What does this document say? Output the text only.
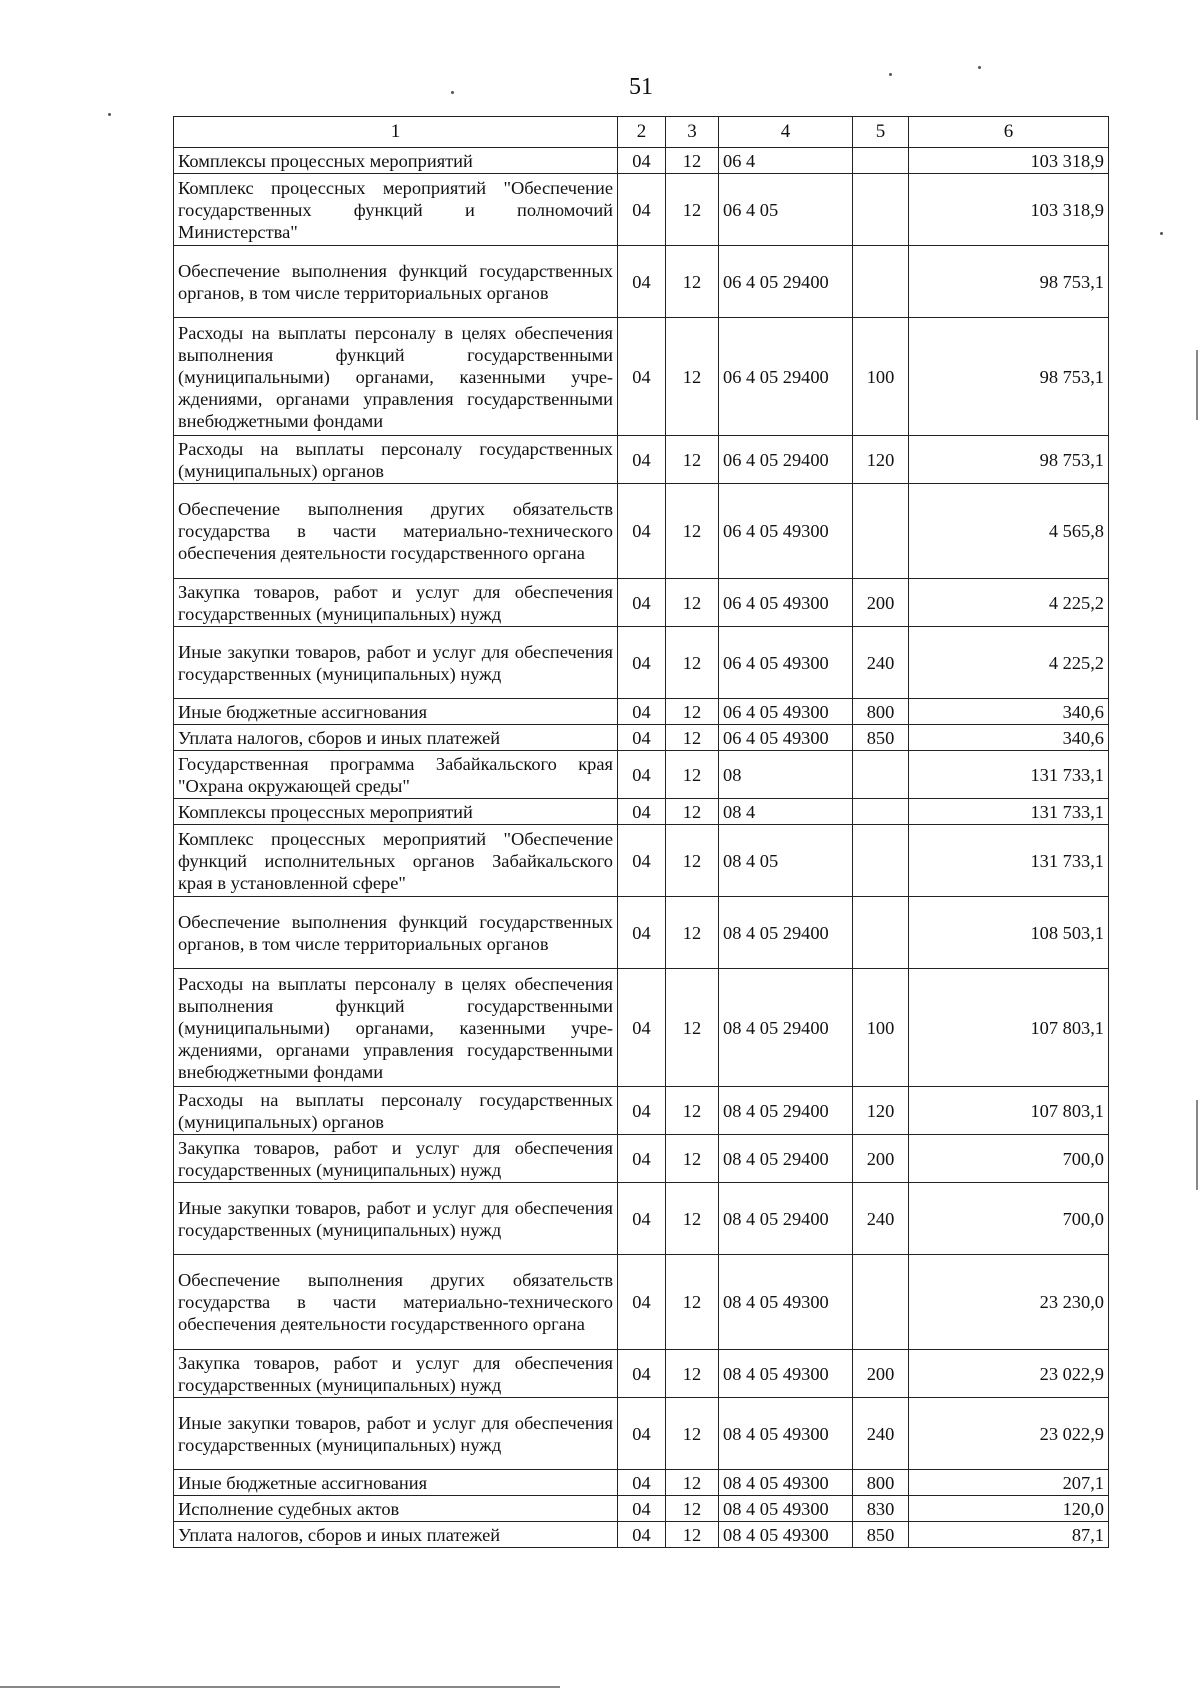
51
1	2	3	4	5	6
Комплексы процессных мероприятий	04	12	06 4		103 318,9
Комплекс процессных мероприятий "Обеспечение государственных функций и полномочий Министерства"	04	12	06 4 05		103 318,9
Обеспечение выполнения функций государственных органов, в том числе территориальных органов	04	12	06 4 05 29400		98 753,1
Расходы на выплаты персоналу в целях обеспечения выполнения функций государственными (муниципальными) органами, казенными учреждениями, органами управления государственными внебюджетными фондами	04	12	06 4 05 29400	100	98 753,1
Расходы на выплаты персоналу государственных (муниципальных) органов	04	12	06 4 05 29400	120	98 753,1
Обеспечение выполнения других обязательств государства в части материально-технического обеспечения деятельности государственного органа	04	12	06 4 05 49300		4 565,8
Закупка товаров, работ и услуг для обеспечения государственных (муниципальных) нужд	04	12	06 4 05 49300	200	4 225,2
Иные закупки товаров, работ и услуг для обеспечения государственных (муниципальных) нужд	04	12	06 4 05 49300	240	4 225,2
Иные бюджетные ассигнования	04	12	06 4 05 49300	800	340,6
Уплата налогов, сборов и иных платежей	04	12	06 4 05 49300	850	340,6
Государственная программа Забайкальского края "Охрана окружающей среды"	04	12	08		131 733,1
Комплексы процессных мероприятий	04	12	08 4		131 733,1
Комплекс процессных мероприятий "Обеспечение функций исполнительных органов Забайкальского края в установленной сфере"	04	12	08 4 05		131 733,1
Обеспечение выполнения функций государственных органов, в том числе территориальных органов	04	12	08 4 05 29400		108 503,1
Расходы на выплаты персоналу в целях обеспечения выполнения функций государственными (муниципальными) органами, казенными учреждениями, органами управления государственными внебюджетными фондами	04	12	08 4 05 29400	100	107 803,1
Расходы на выплаты персоналу государственных (муниципальных) органов	04	12	08 4 05 29400	120	107 803,1
Закупка товаров, работ и услуг для обеспечения государственных (муниципальных) нужд	04	12	08 4 05 29400	200	700,0
Иные закупки товаров, работ и услуг для обеспечения государственных (муниципальных) нужд	04	12	08 4 05 29400	240	700,0
Обеспечение выполнения других обязательств государства в части материально-технического обеспечения деятельности государственного органа	04	12	08 4 05 49300		23 230,0
Закупка товаров, работ и услуг для обеспечения государственных (муниципальных) нужд	04	12	08 4 05 49300	200	23 022,9
Иные закупки товаров, работ и услуг для обеспечения государственных (муниципальных) нужд	04	12	08 4 05 49300	240	23 022,9
Иные бюджетные ассигнования	04	12	08 4 05 49300	800	207,1
Исполнение судебных актов	04	12	08 4 05 49300	830	120,0
Уплата налогов, сборов и иных платежей	04	12	08 4 05 49300	850	87,1
